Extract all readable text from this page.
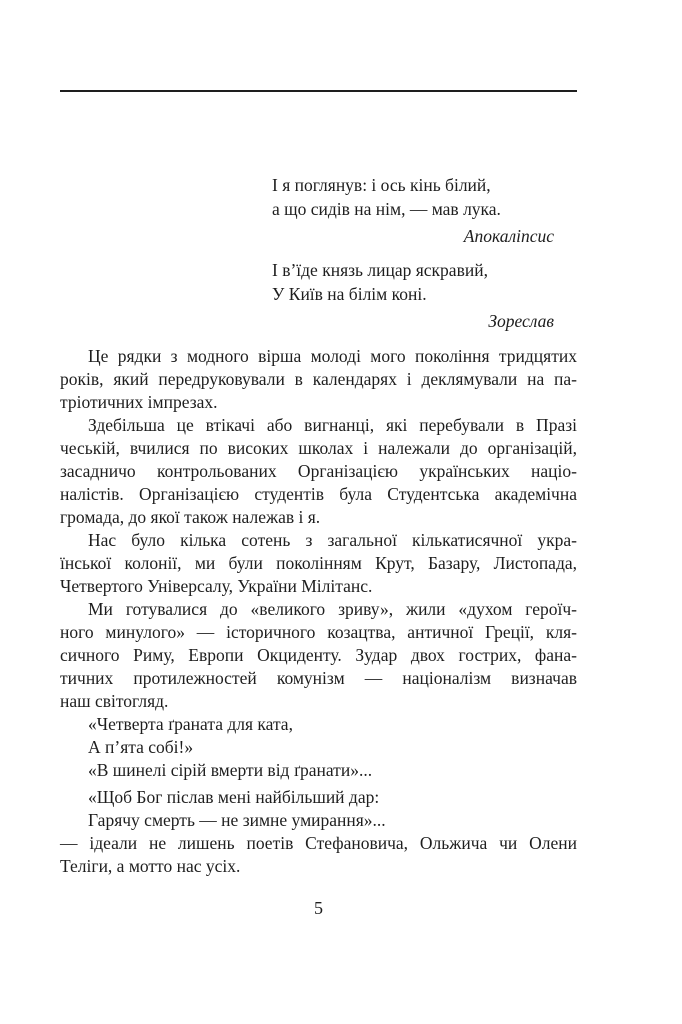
І я поглянув: і ось кінь білий,
а що сидів на нім, — мав лука.
Апокаліпсис
І в’їде князь лицар яскравий,
У Київ на білім коні.
Зореслав
Це рядки з модного вірша молоді мого покоління тридцятих
років, який передруковували в календарях і деклямували на па-
тріотичних імпрезах.
Здебільша це втікачі або вигнанці, які перебували в Празі
чеській, вчилися по високих школах і належали до організацій,
засадничо контрольованих Організацією українських націо-
налістів. Організацією студентів була Студентська академічна
громада, до якої також належав і я.
Нас було кілька сотень з загальної кількатисячної укра-
їнської колонії, ми були поколінням Крут, Базару, Листопада,
Четвертого Універсалу, України Мілітанс.
Ми готувалися до «великого зриву», жили «духом героїч-
ного минулого» — історичного козацтва, античної Греції, кля-
сичного Риму, Европи Окциденту. Зудар двох гострих, фана-
тичних протилежностей комунізм — націоналізм визначав
наш світогляд.
«Четверта ґраната для ката,
А п’ята собі!»
«В шинелі сірій вмерти від ґранати»...
«Щоб Бог післав мені найбільший дар:
Гарячу смерть — не зимне умирання»...
— ідеали не лишень поетів Стефановича, Ольжича чи Олени
Теліги, а мотто нас усіх.
5
